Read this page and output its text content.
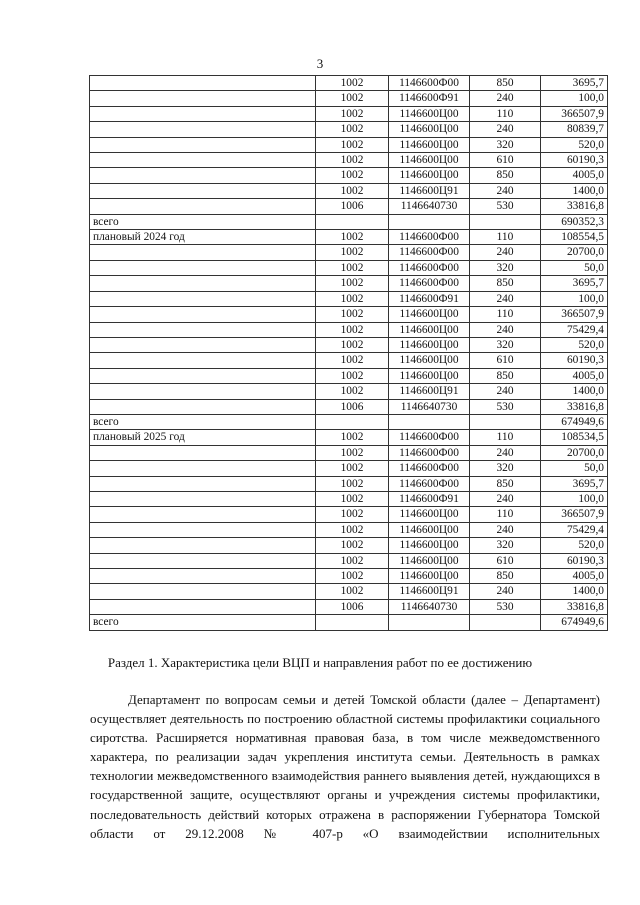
3
	1002	1146600Ф00	850	3695,7
	1002	1146600Ф91	240	100,0
	1002	1146600Ц00	110	366507,9
	1002	1146600Ц00	240	80839,7
	1002	1146600Ц00	320	520,0
	1002	1146600Ц00	610	60190,3
	1002	1146600Ц00	850	4005,0
	1002	1146600Ц91	240	1400,0
	1006	1146640730	530	33816,8
всего				690352,3
плановый 2024 год	1002	1146600Ф00	110	108554,5
	1002	1146600Ф00	240	20700,0
	1002	1146600Ф00	320	50,0
	1002	1146600Ф00	850	3695,7
	1002	1146600Ф91	240	100,0
	1002	1146600Ц00	110	366507,9
	1002	1146600Ц00	240	75429,4
	1002	1146600Ц00	320	520,0
	1002	1146600Ц00	610	60190,3
	1002	1146600Ц00	850	4005,0
	1002	1146600Ц91	240	1400,0
	1006	1146640730	530	33816,8
всего				674949,6
плановый 2025 год	1002	1146600Ф00	110	108534,5
	1002	1146600Ф00	240	20700,0
	1002	1146600Ф00	320	50,0
	1002	1146600Ф00	850	3695,7
	1002	1146600Ф91	240	100,0
	1002	1146600Ц00	110	366507,9
	1002	1146600Ц00	240	75429,4
	1002	1146600Ц00	320	520,0
	1002	1146600Ц00	610	60190,3
	1002	1146600Ц00	850	4005,0
	1002	1146600Ц91	240	1400,0
	1006	1146640730	530	33816,8
всего				674949,6
Раздел 1. Характеристика цели ВЦП и направления работ по ее достижению

Департамент по вопросам семьи и детей Томской области (далее – Департамент) осуществляет деятельность по построению областной системы профилактики социального сиротства. Расширяется нормативная правовая база, в том числе межведомственного характера, по реализации задач укрепления института семьи. Деятельность в рамках технологии межведомственного взаимодействия раннего выявления детей, нуждающихся в государственной защите, осуществляют органы и учреждения системы профилактики, последовательность действий которых отражена в распоряжении Губернатора Томской области от 29.12.2008 № 407-р «О взаимодействии исполнительных
